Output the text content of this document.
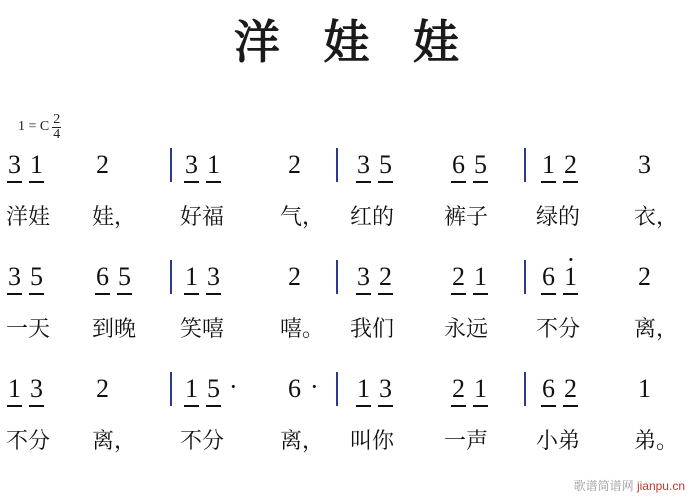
洋 娃 娃
1 = C $\frac{2}{4}$
3 1 2	3 1	2 3 5 6 5 1 2 3
洋娃 娃， 好福	气， 红的 裤子 绿的 衣，
3 5 6 5 1 3	2 3 2 2 1 6 1 2
一天 到晚 笑嘻	嘻。 我们 永远 不分 离，
1 3 2	1 5 · 6 · 1 3 2 1 6 2 1
不分 离， 不分	离， 叫你 一声 小弟 弟。
歌谱简谱网 jianpu.cn
